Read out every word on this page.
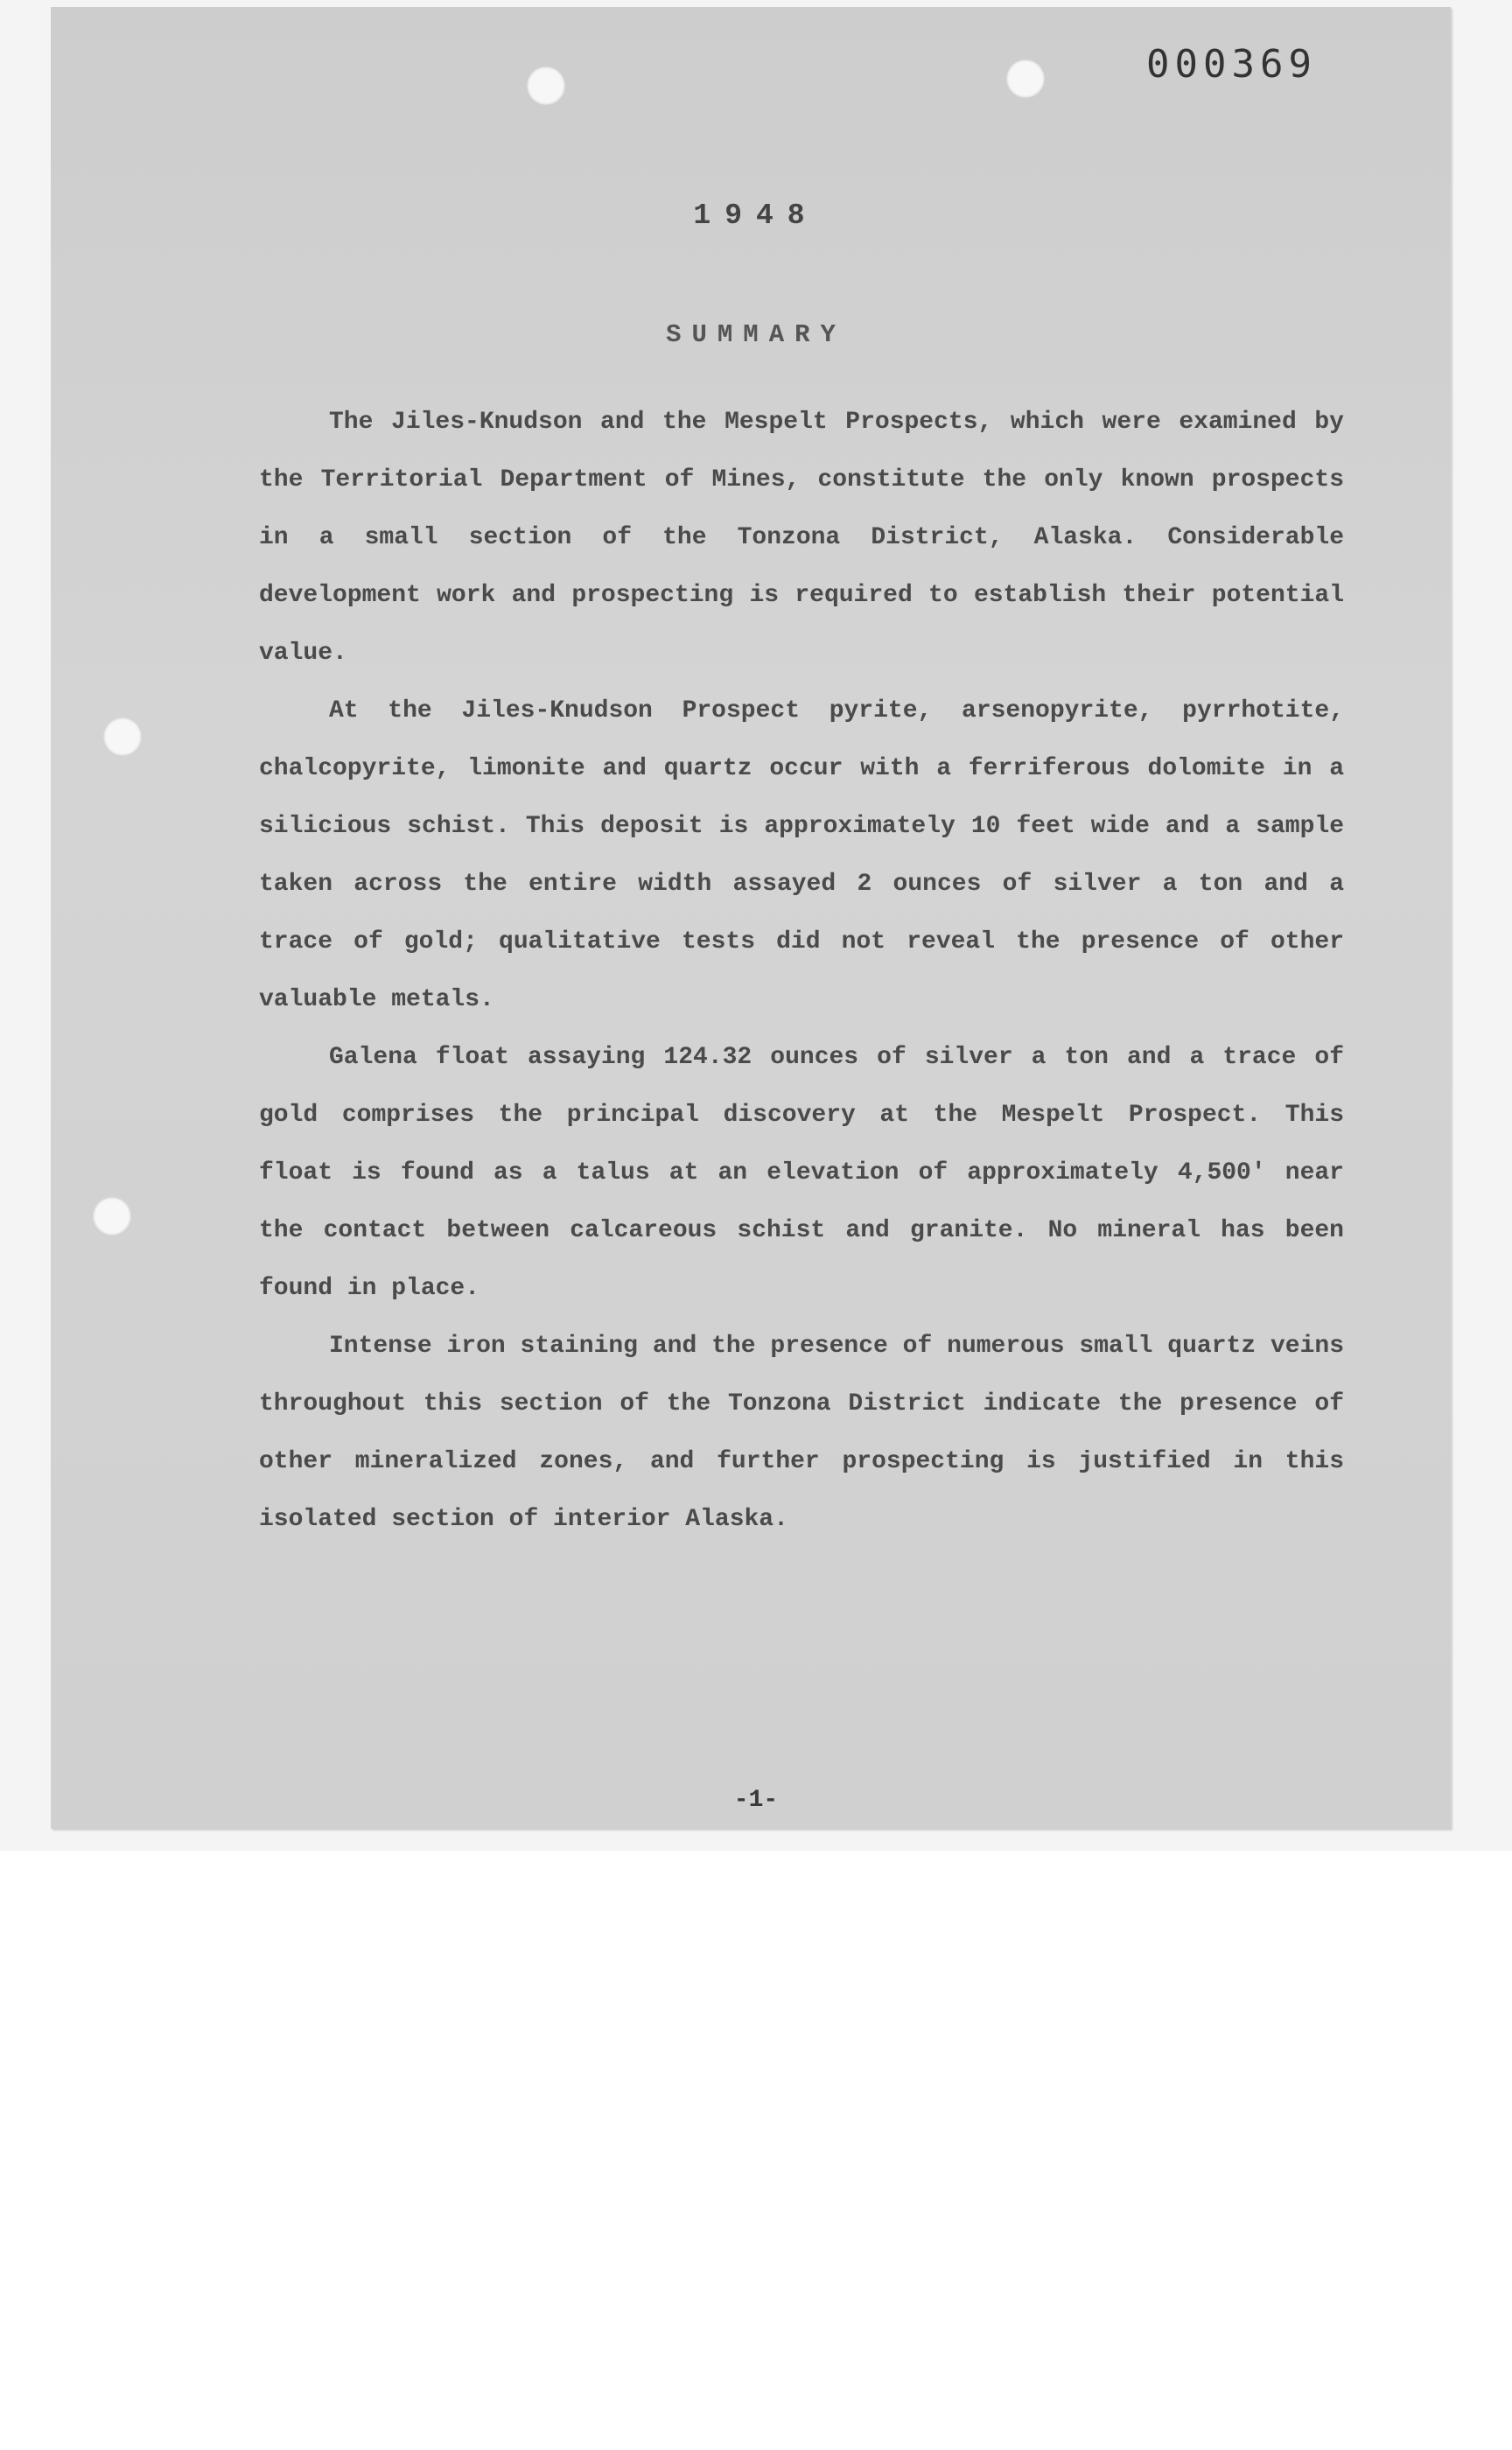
000369
1948
SUMMARY

The Jiles-Knudson and the Mespelt Prospects, which were examined by the Territorial Department of Mines, constitute the only known prospects in a small section of the Tonzona District, Alaska. Considerable development work and prospecting is required to establish their potential value.

At the Jiles-Knudson Prospect pyrite, arsenopyrite, pyrrhotite, chalcopyrite, limonite and quartz occur with a ferriferous dolomite in a silicious schist. This deposit is approximately 10 feet wide and a sample taken across the entire width assayed 2 ounces of silver a ton and a trace of gold; qualitative tests did not reveal the presence of other valuable metals.

Galena float assaying 124.32 ounces of silver a ton and a trace of gold comprises the principal discovery at the Mespelt Prospect. This float is found as a talus at an elevation of approximately 4,500' near the contact between calcareous schist and granite. No mineral has been found in place.

Intense iron staining and the presence of numerous small quartz veins throughout this section of the Tonzona District indicate the presence of other mineralized zones, and further prospecting is justified in this isolated section of interior Alaska.

-1-
